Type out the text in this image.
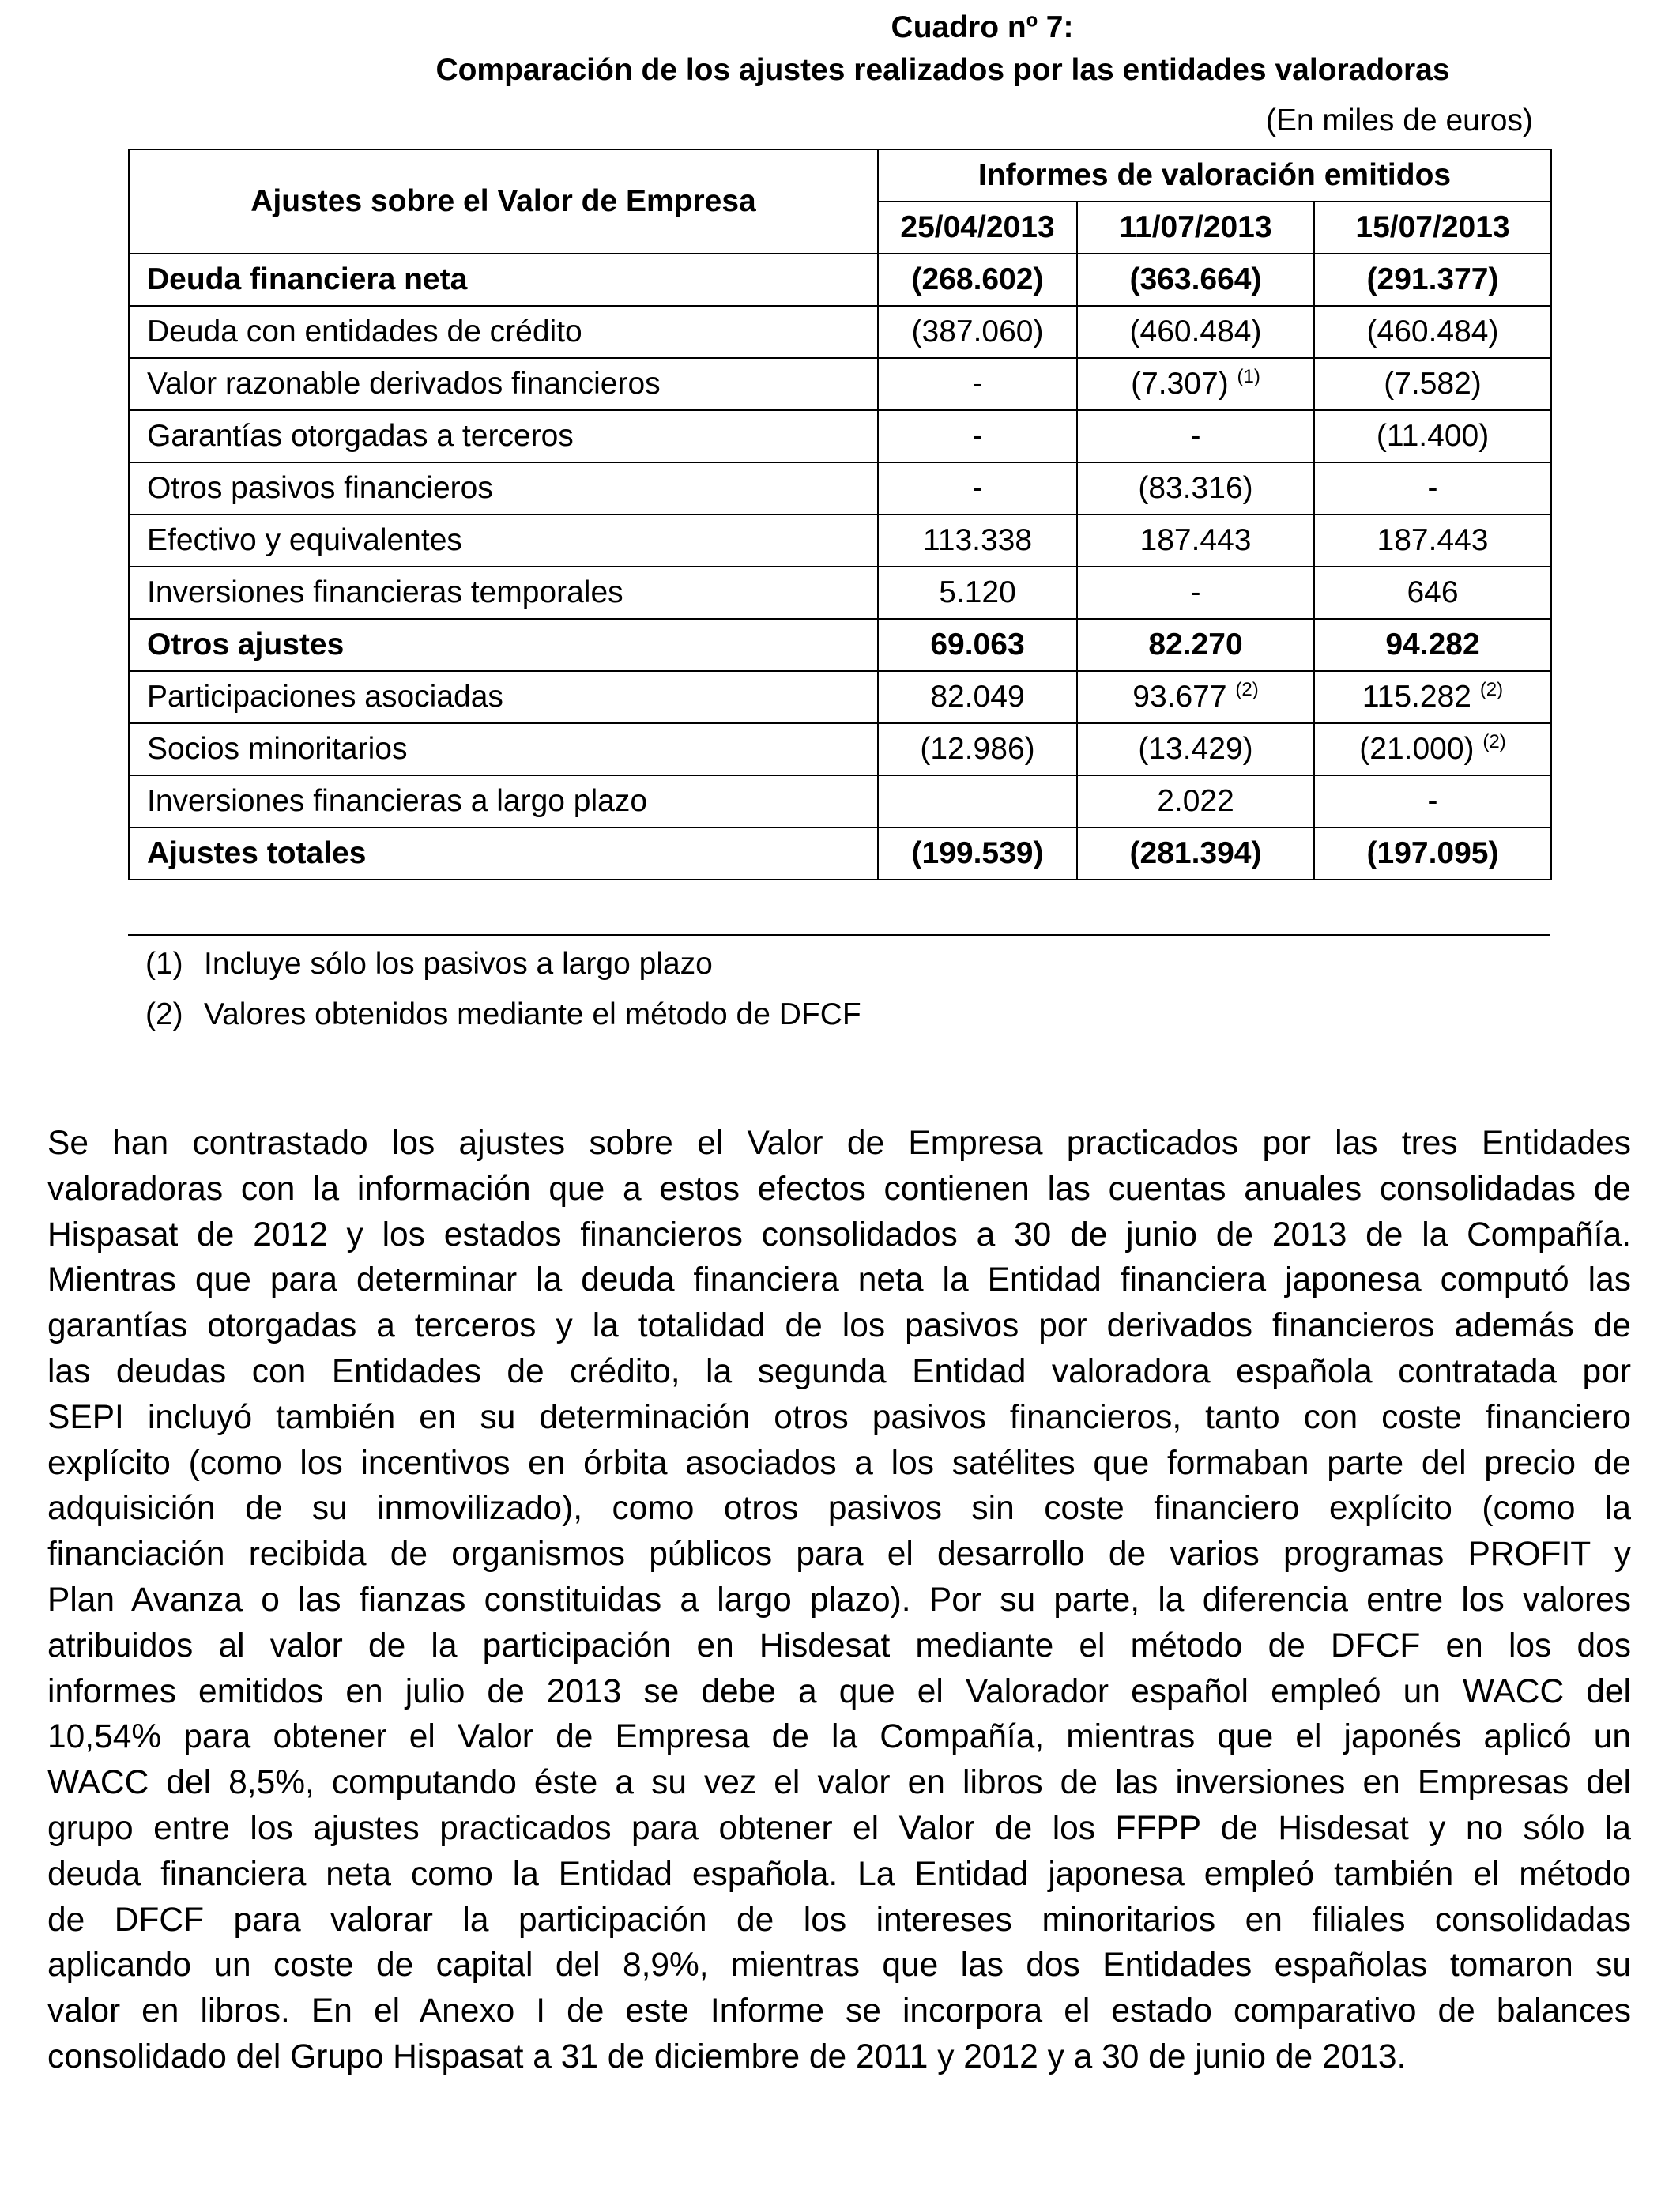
Cuadro nº 7:
Comparación de los ajustes realizados por las entidades valoradoras
(En miles de euros)
Ajustes sobre el Valor de Empresa	Informes de valoración emitidos		
	25/04/2013	11/07/2013	15/07/2013
Deuda financiera neta	(268.602)	(363.664)	(291.377)
Deuda con entidades de crédito	(387.060)	(460.484)	(460.484)
Valor razonable derivados financieros	-	(7.307) $^{(1)}$	(7.582)
Garantías otorgadas a terceros	-	-	(11.400)
Otros pasivos financieros	-	(83.316)	-
Efectivo y equivalentes	113.338	187.443	187.443
Inversiones financieras temporales	5.120	-	646
Otros ajustes	69.063	82.270	94.282
Participaciones asociadas	82.049	93.677 $^{(2)}$	115.282 $^{(2)}$
Socios minoritarios	(12.986)	(13.429)	(21.000) $^{(2)}$
Inversiones financieras a largo plazo		2.022	-
Ajustes totales	(199.539)	(281.394)	(197.095)
(1) Incluye sólo los pasivos a largo plazo
(2) Valores obtenidos mediante el método de DFCF
Se han contrastado los ajustes sobre el Valor de Empresa practicados por las tres Entidades
valoradoras con la información que a estos efectos contienen las cuentas anuales consolidadas de
Hispasat de 2012 y los estados financieros consolidados a 30 de junio de 2013 de la Compañía.
Mientras que para determinar la deuda financiera neta la Entidad financiera japonesa computó las
garantías otorgadas a terceros y la totalidad de los pasivos por derivados financieros además de
las deudas con Entidades de crédito, la segunda Entidad valoradora española contratada por
SEPI incluyó también en su determinación otros pasivos financieros, tanto con coste financiero
explícito (como los incentivos en órbita asociados a los satélites que formaban parte del precio de
adquisición de su inmovilizado), como otros pasivos sin coste financiero explícito (como la
financiación recibida de organismos públicos para el desarrollo de varios programas PROFIT y
Plan Avanza o las fianzas constituidas a largo plazo). Por su parte, la diferencia entre los valores
atribuidos al valor de la participación en Hisdesat mediante el método de DFCF en los dos
informes emitidos en julio de 2013 se debe a que el Valorador español empleó un WACC del
10,54% para obtener el Valor de Empresa de la Compañía, mientras que el japonés aplicó un
WACC del 8,5%, computando éste a su vez el valor en libros de las inversiones en Empresas del
grupo entre los ajustes practicados para obtener el Valor de los FFPP de Hisdesat y no sólo la
deuda financiera neta como la Entidad española. La Entidad japonesa empleó también el método
de DFCF para valorar la participación de los intereses minoritarios en filiales consolidadas
aplicando un coste de capital del 8,9%, mientras que las dos Entidades españolas tomaron su
valor en libros. En el Anexo I de este Informe se incorpora el estado comparativo de balances
consolidado del Grupo Hispasat a 31 de diciembre de 2011 y 2012 y a 30 de junio de 2013.
